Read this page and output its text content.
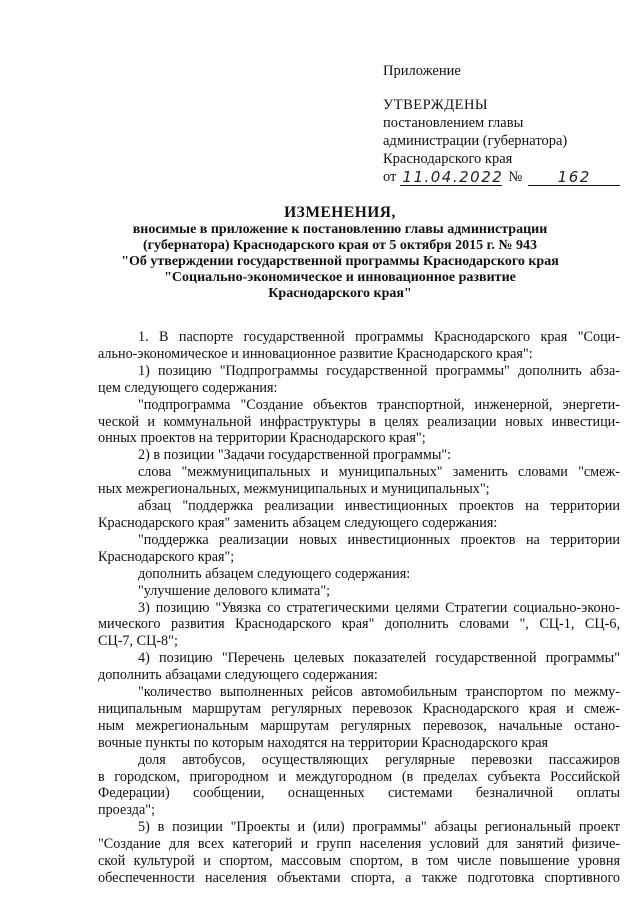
Приложение
УТВЕРЖДЕНЫ
постановлением главы
администрации (губернатора)
Краснодарского края
от 11.04.2022 №	162
ИЗМЕНЕНИЯ,
вносимые в приложение к постановлению главы администрации
(губернатора) Краснодарского края от 5 октября 2015 г. № 943
"Об утверждении государственной программы Краснодарского края
"Социально-экономическое и инновационное развитие
Краснодарского края"

1. В паспорте государственной программы Краснодарского края "Соци-

ально-экономическое и инновационное развитие Краснодарского края":

1) позицию "Подпрограммы государственной программы" дополнить абза-

цем следующего содержания:

"подпрограмма "Создание объектов транспортной, инженерной, энергети-

ческой и коммунальной инфраструктуры в целях реализации новых инвестици-

онных проектов на территории Краснодарского края";

2) в позиции "Задачи государственной программы":

слова "межмуниципальных и муниципальных" заменить словами "смеж-

ных межрегиональных, межмуниципальных и муниципальных";

абзац "поддержка реализации инвестиционных проектов на территории

Краснодарского края" заменить абзацем следующего содержания:

"поддержка реализации новых инвестиционных проектов на территории

Краснодарского края";

дополнить абзацем следующего содержания:

"улучшение делового климата";

3) позицию "Увязка со стратегическими целями Стратегии социально-эконо-

мического развития Краснодарского края" дополнить словами ", СЦ-1, СЦ-6,

СЦ-7, СЦ-8";

4) позицию "Перечень целевых показателей государственной программы"

дополнить абзацами следующего содержания:

"количество выполненных рейсов автомобильным транспортом по межму-

ниципальным маршрутам регулярных перевозок Краснодарского края и смеж-

ным межрегиональным маршрутам регулярных перевозок, начальные остано-

вочные пункты по которым находятся на территории Краснодарского края

доля автобусов, осуществляющих регулярные перевозки пассажиров

в городском, пригородном и междугородном (в пределах субъекта Российской

Федерации) сообщении, оснащенных системами безналичной оплаты

проезда";

5) в позиции "Проекты и (или) программы" абзацы региональный проект

"Создание для всех категорий и групп населения условий для занятий физиче-

ской культурой и спортом, массовым спортом, в том числе повышение уровня

обеспеченности населения объектами спорта, а также подготовка спортивного
